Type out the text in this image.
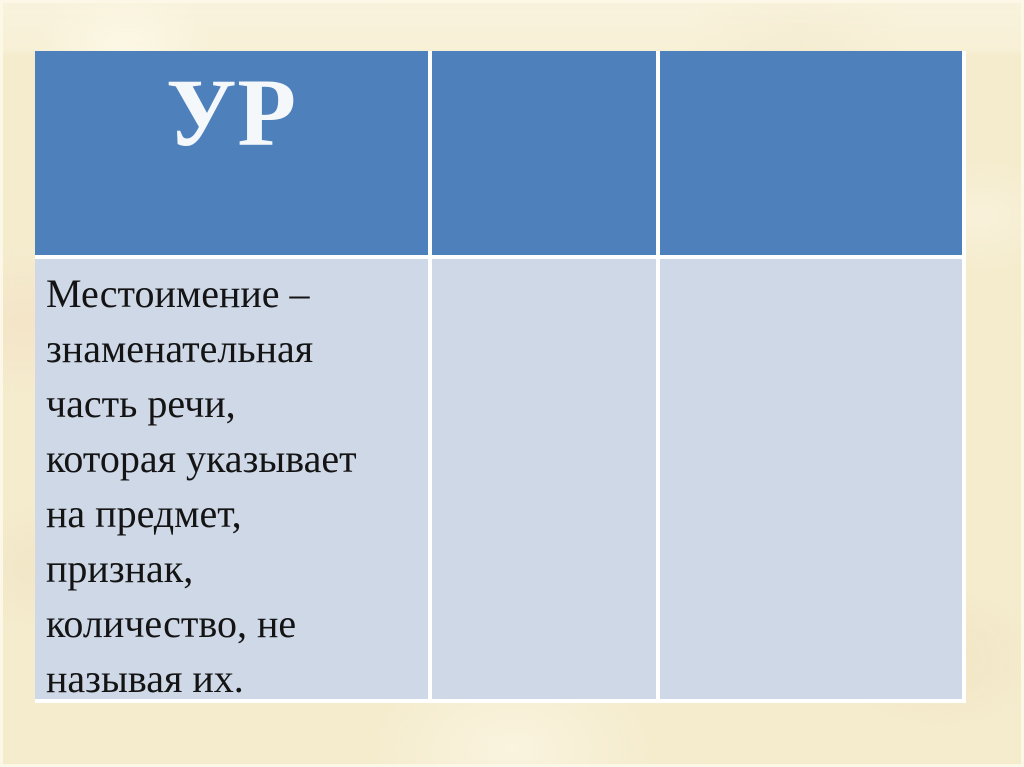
УР
Местоимение –
знаменательная
часть речи,
которая указывает
на предмет,
признак,
количество, не
называя их.
